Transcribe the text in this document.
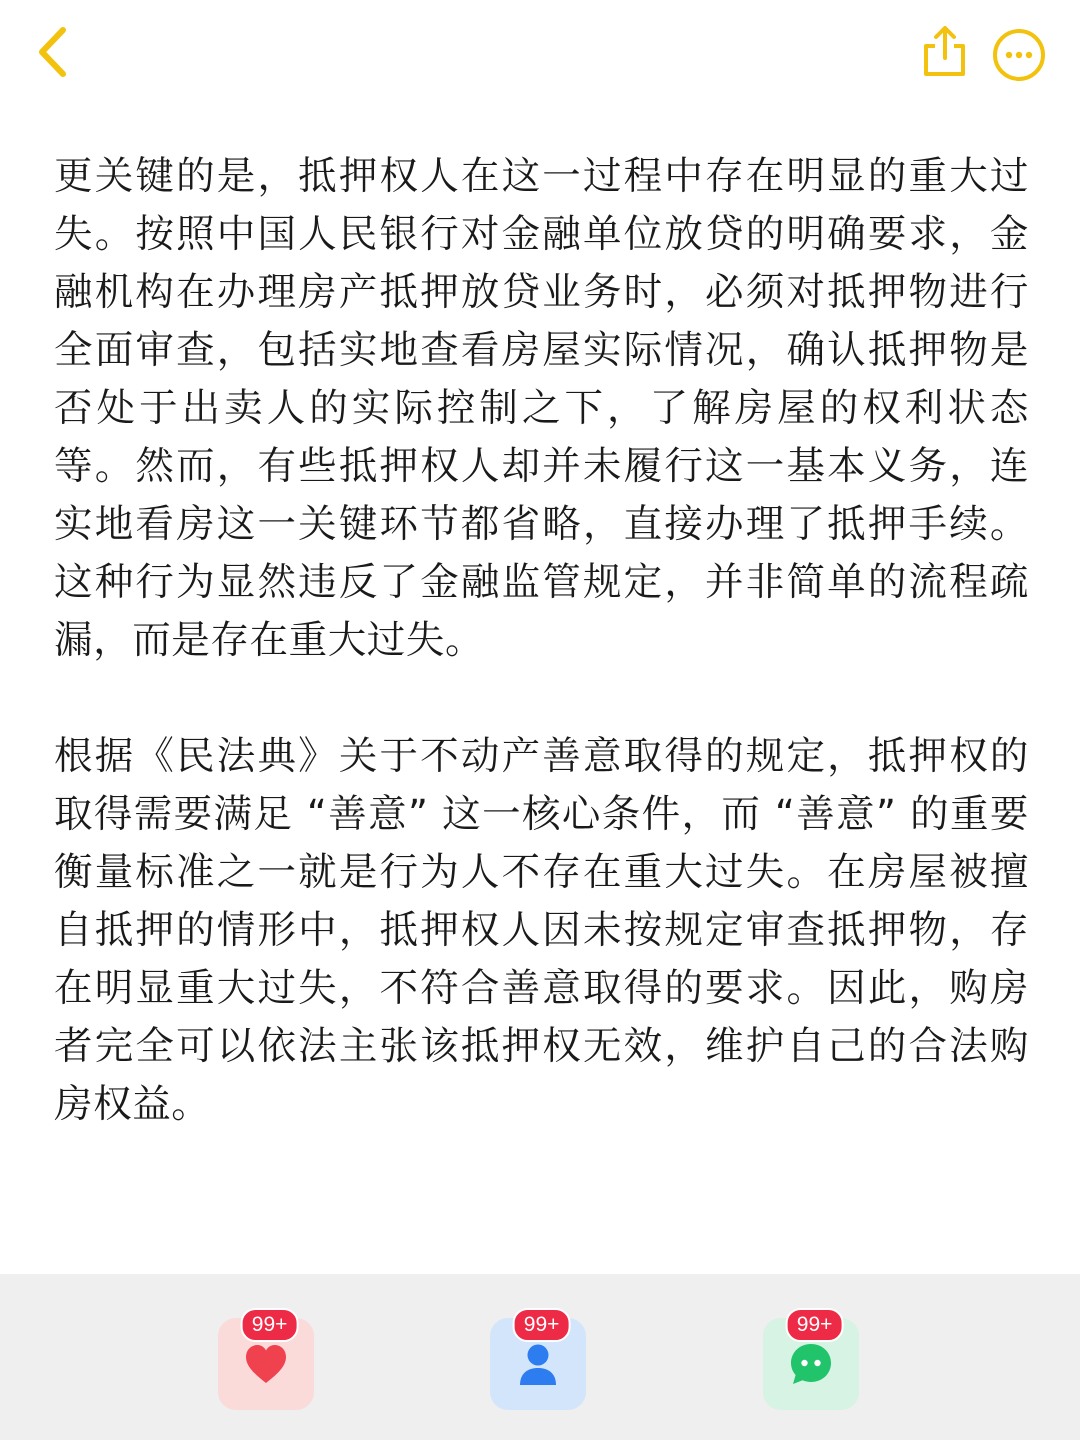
更关键的是，抵押权人在这一过程中存在明显的重大过失。按照中国人民银行对金融单位放贷的明确要求，金融机构在办理房产抵押放贷业务时，必须对抵押物进行全面审查，包括实地查看房屋实际情况，确认抵押物是否处于出卖人的实际控制之下，了解房屋的权利状态等。然而，有些抵押权人却并未履行这一基本义务，连实地看房这一关键环节都省略，直接办理了抵押手续。这种行为显然违反了金融监管规定，并非简单的流程疏漏，而是存在重大过失。

根据《民法典》关于不动产善意取得的规定，抵押权的取得需要满足 “善意” 这一核心条件，而 “善意” 的重要衡量标准之一就是行为人不存在重大过失。在房屋被擅自抵押的情形中，抵押权人因未按规定审查抵押物，存在明显重大过失，不符合善意取得的要求。因此，购房者完全可以依法主张该抵押权无效，维护自己的合法购房权益。

99+	99+	99+
